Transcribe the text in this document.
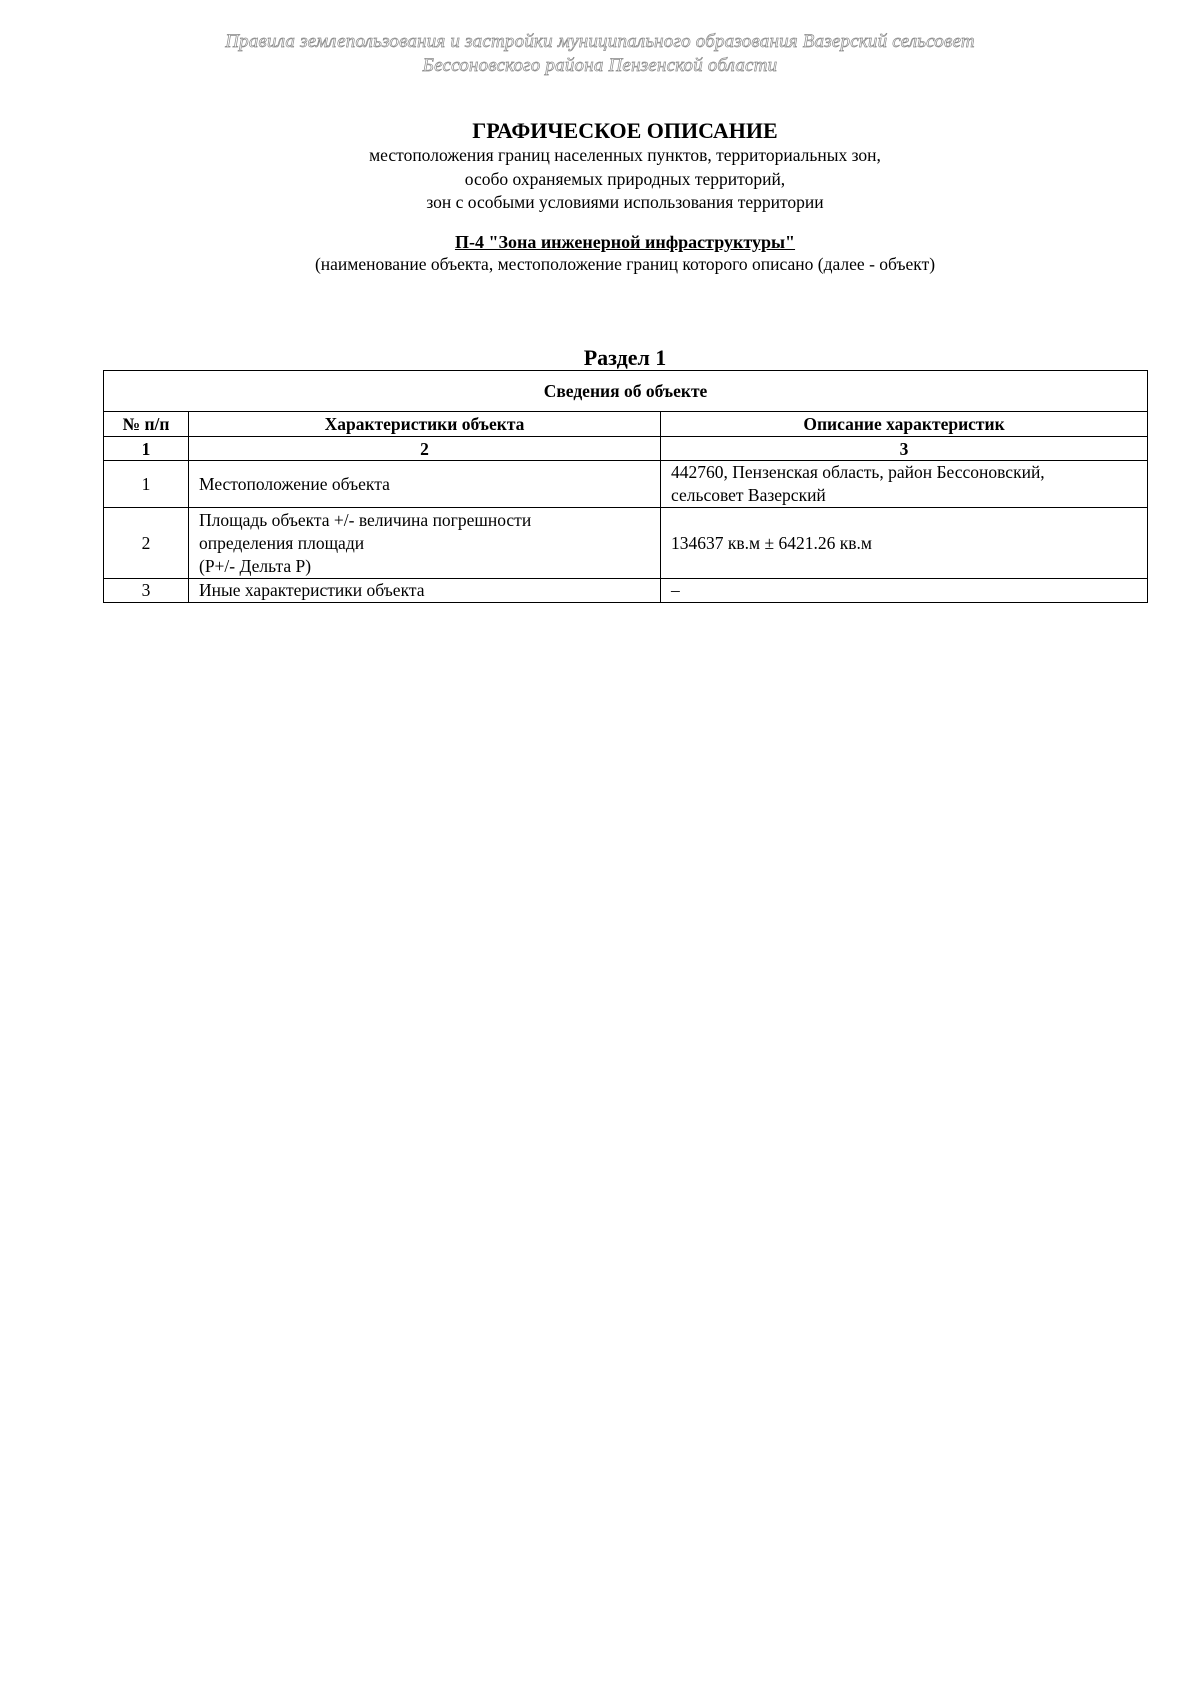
Правила землепользования и застройки муниципального образования Вазерский сельсовет
Бессоновского района Пензенской области
ГРАФИЧЕСКОЕ ОПИСАНИЕ
местоположения границ населенных пунктов, территориальных зон,
особо охраняемых природных территорий,
зон с особыми условиями использования территории
П-4 "Зона инженерной инфраструктуры"
(наименование объекта, местоположение границ которого описано (далее - объект)
Раздел 1
Сведения об объекте		
№ п/п	Характеристики объекта	Описание характеристик
1	2	3
1	Местоположение объекта	442760, Пензенская область, район Бессоновский,
сельсовет Вазерский
2	Площадь объекта +/- величина погрешности
определения площади
(P+/- Дельта P)	134637 кв.м ± 6421.26 кв.м
3	Иные характеристики объекта	–
